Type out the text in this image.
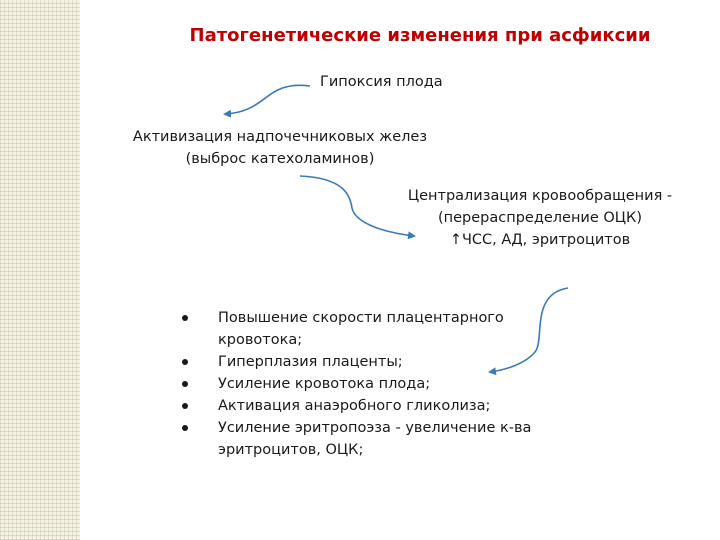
Патогенетические изменения при асфиксии
Гипоксия плода
Активизация надпочечниковых желез
(выброс катехоламинов)
Централизация кровообращения -
(перераспределение ОЦК)
↑ЧСС, АД, эритроцитов
Повышение скорости плацентарного кровотока;
Гиперплазия плаценты;
Усиление кровотока плода;
Активация анаэробного гликолиза;
Усиление эритропоэза - увеличение к-ва эритроцитов, ОЦК;
